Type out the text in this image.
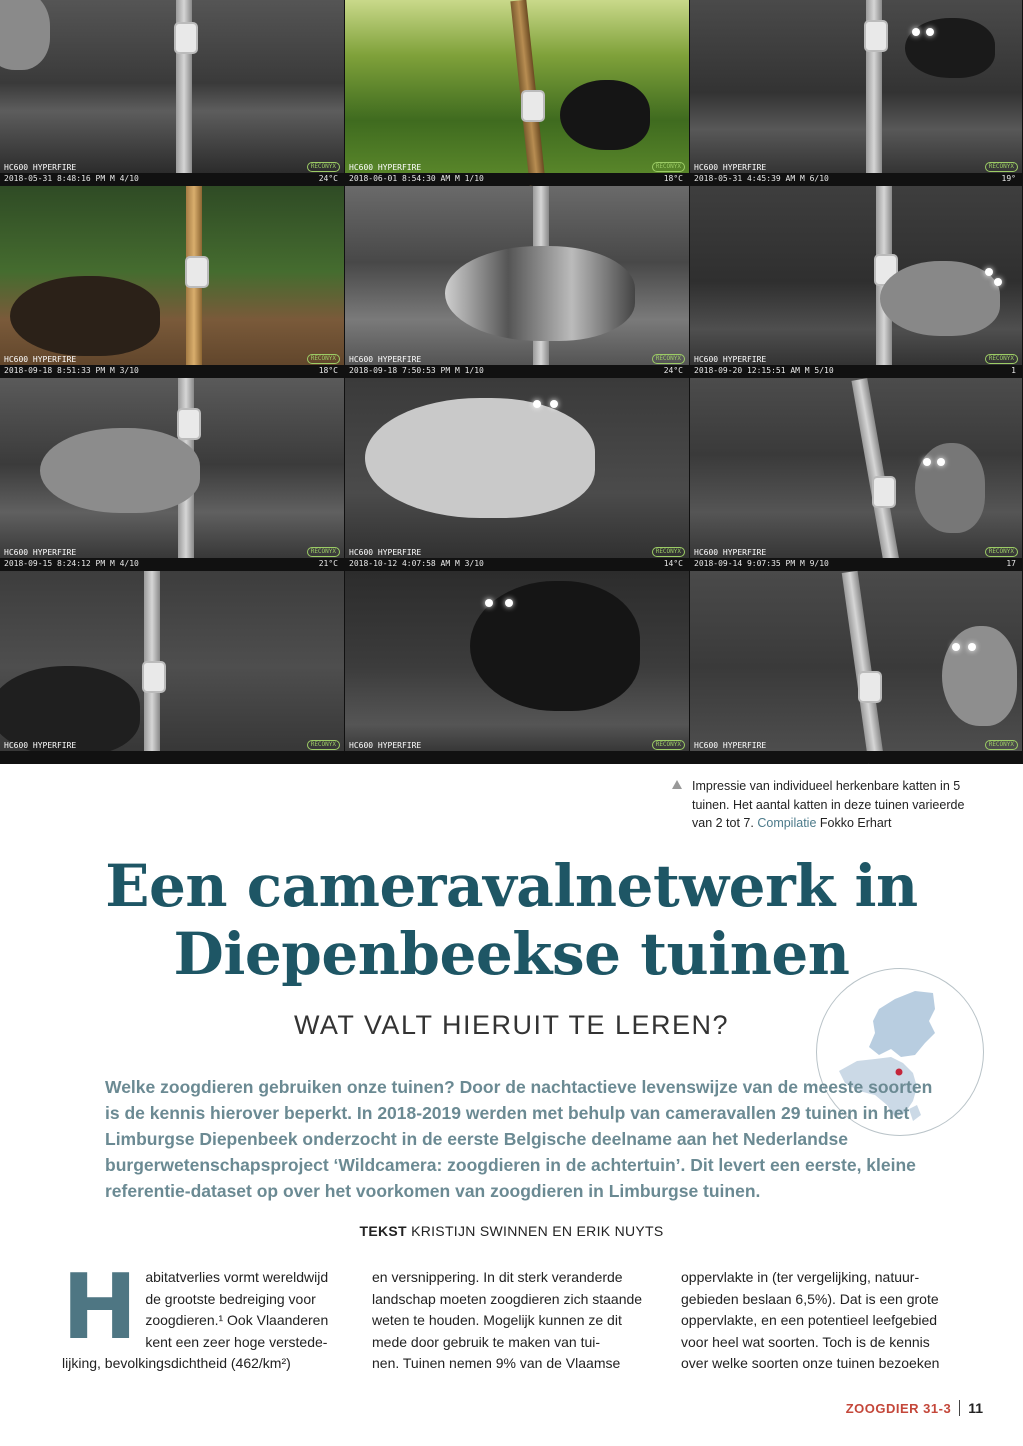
HC600 HYPERFIRE	RECONYX
2018-05-31 8:48:16 PM M 4/10	24°C
HC600 HYPERFIRE	RECONYX
2018-06-01 8:54:30 AM M 1/10	18°C
HC600 HYPERFIRE	RECONYX
2018-05-31 4:45:39 AM M 6/10	19°
HC600 HYPERFIRE	RECONYX
2018-09-18 8:51:33 PM M 3/10	18°C
HC600 HYPERFIRE	RECONYX
2018-09-18 7:50:53 PM M 1/10	24°C
HC600 HYPERFIRE	RECONYX
2018-09-20 12:15:51 AM M 5/10	1
HC600 HYPERFIRE	RECONYX
2018-09-15 8:24:12 PM M 4/10	21°C
HC600 HYPERFIRE	RECONYX
2018-10-12 4:07:58 AM M 3/10	14°C
HC600 HYPERFIRE	RECONYX
2018-09-14 9:07:35 PM M 9/10	17
HC600 HYPERFIRE	RECONYX	HC600 HYPERFIRE	RECONYX	HC600 HYPERFIRE	RECONYX
Impressie van individueel herkenbare katten in 5 tuinen. Het aantal katten in deze tuinen varieerde van 2 tot 7. Compilatie Fokko Erhart
Een cameravalnetwerk in
Diepenbeekse tuinen
WAT VALT HIERUIT TE LEREN?

Welke zoogdieren gebruiken onze tuinen? Door de nachtactieve levenswijze van de meeste soorten is de kennis hierover beperkt. In 2018-2019 werden met behulp van cameravallen 29 tuinen in het Limburgse Diepenbeek onderzocht in de eerste Belgische deelname aan het Nederlandse burgerwetenschapsproject ‘Wildcamera: zoogdieren in de achtertuin’. Dit levert een eerste, kleine referentie-dataset op over het voorkomen van zoogdieren in Limburgse tuinen.

TEKST KRISTIJN SWINNEN EN ERIK NUYTS
H abitatverlies vormt wereldwijd
de grootste bedreiging voor
zoogdieren.¹ Ook Vlaanderen
kent een zeer hoge verstede-
lijking, bevolkingsdichtheid (462/km²)
en versnippering. In dit sterk veranderde
landschap moeten zoogdieren zich staande
weten te houden. Mogelijk kunnen ze dit
mede door gebruik te maken van tui-
nen. Tuinen nemen 9% van de Vlaamse
oppervlakte in (ter vergelijking, natuur-
gebieden beslaan 6,5%). Dat is een grote
oppervlakte, en een potentieel leefgebied
voor heel wat soorten. Toch is de kennis
over welke soorten onze tuinen bezoeken
ZOOGDIER 31-3 11
